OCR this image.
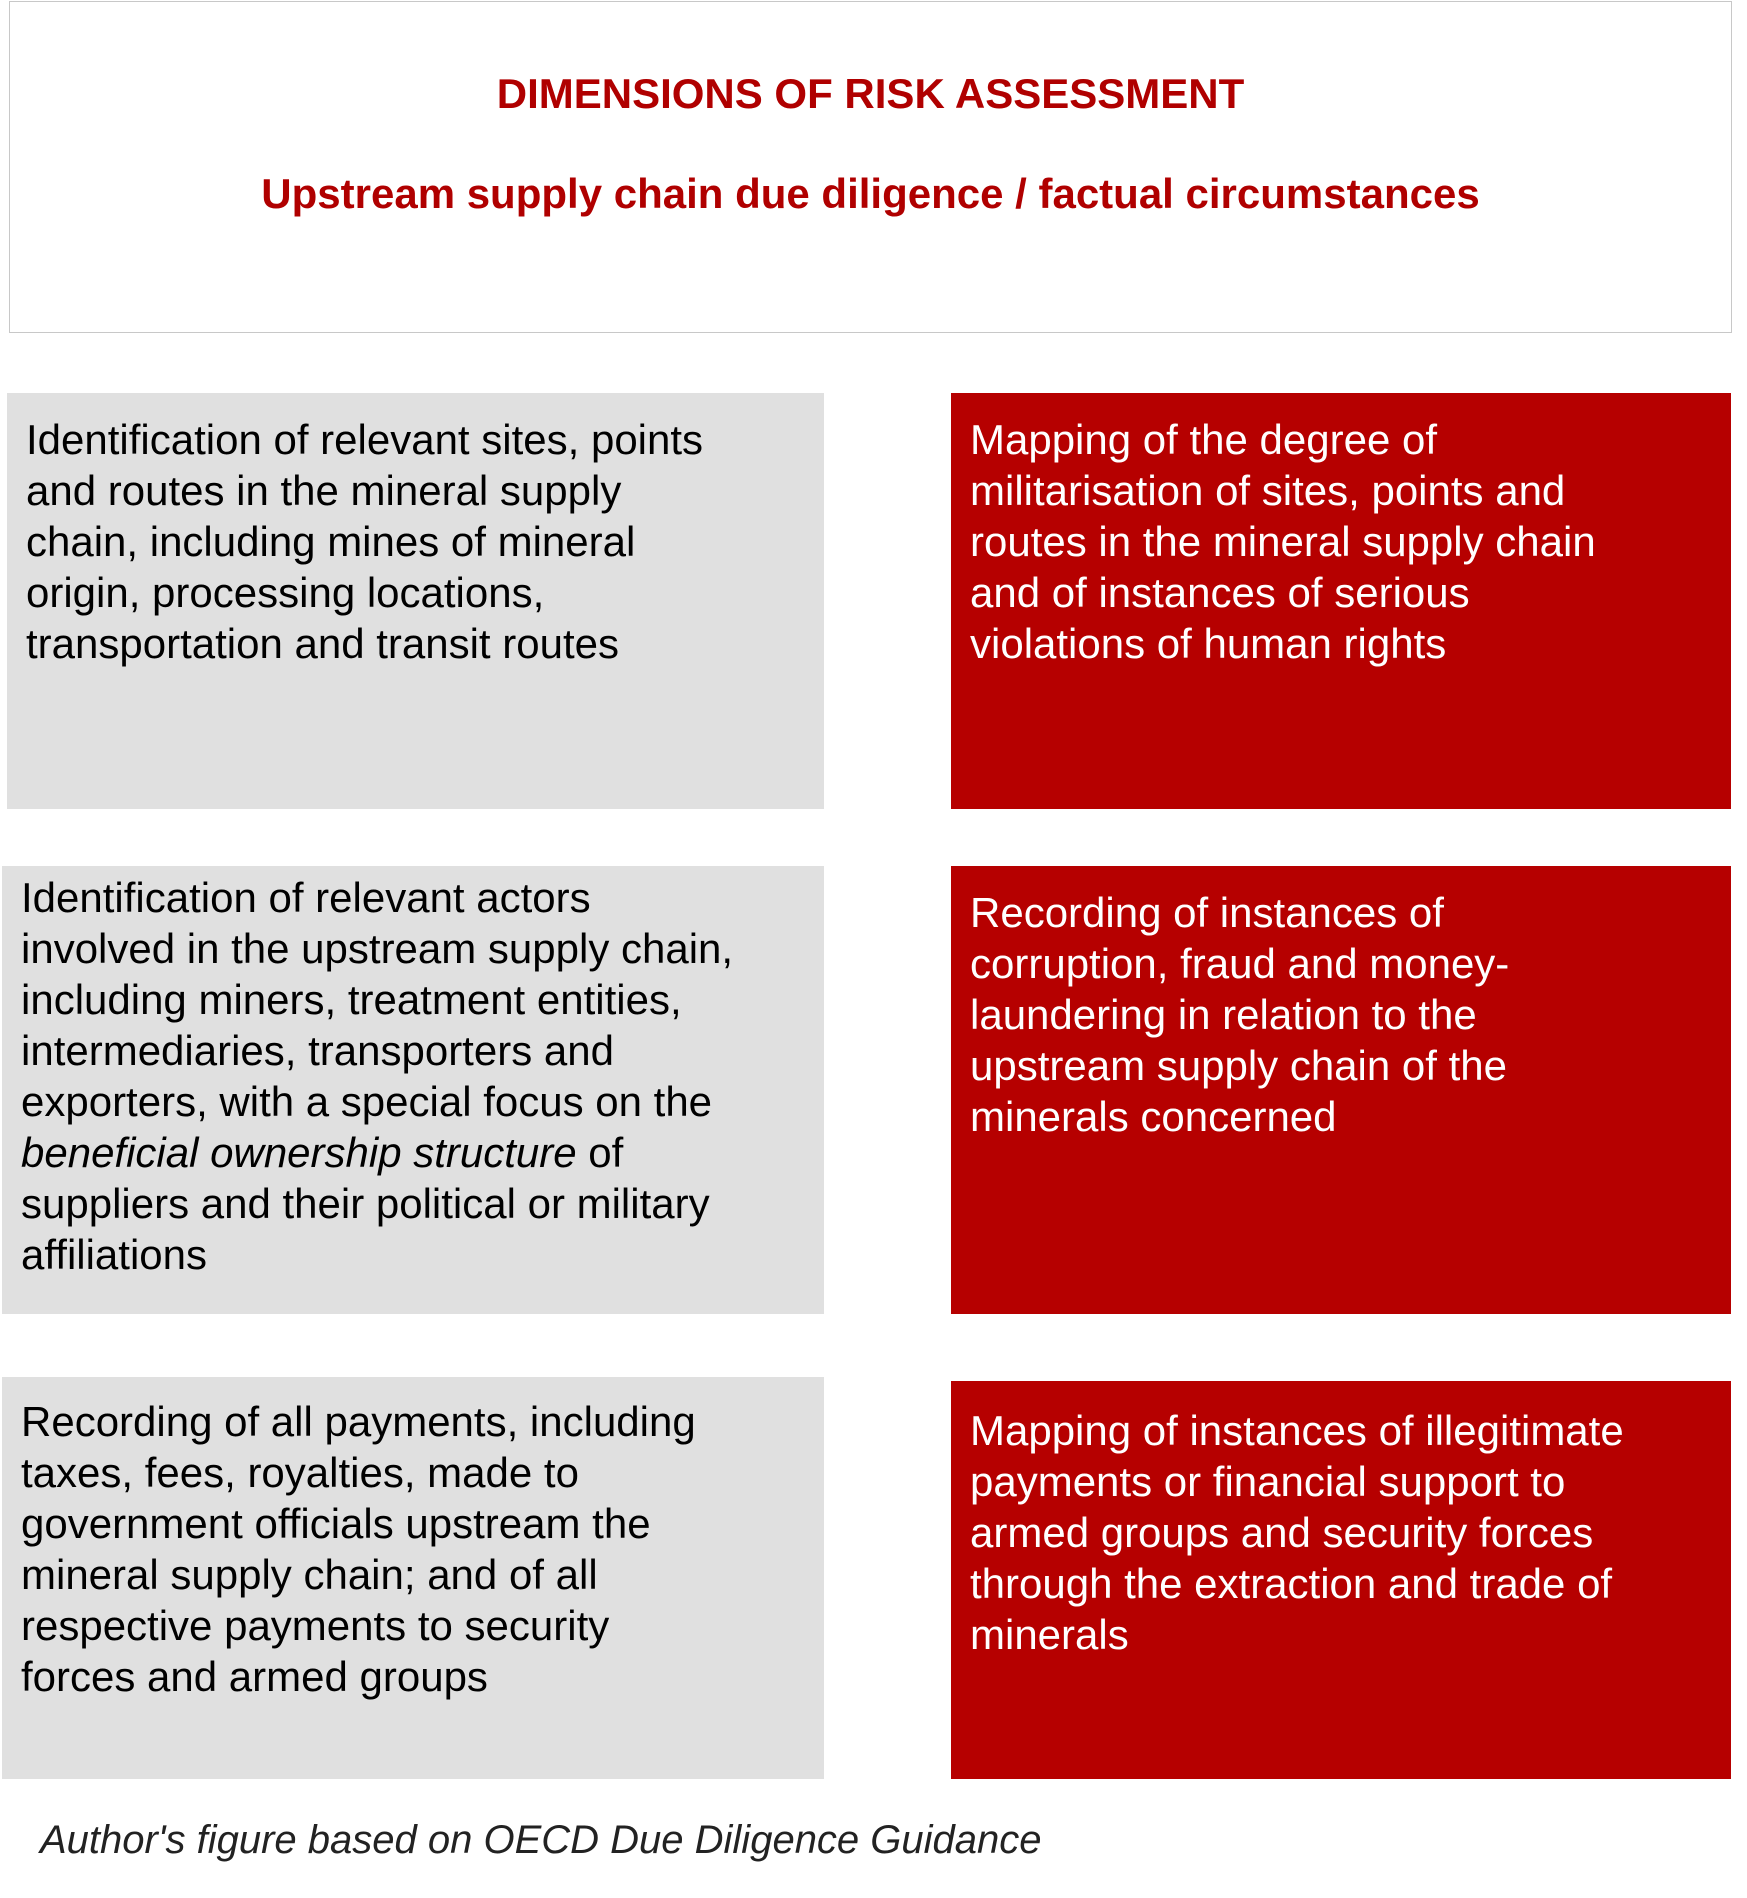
DIMENSIONS OF RISK ASSESSMENT
Upstream supply chain due diligence / factual circumstances
Identification of relevant sites, points
and routes in the mineral supply
chain, including mines of mineral
origin, processing locations,
transportation and transit routes
Mapping of the degree of
militarisation of sites, points and
routes in the mineral supply chain
and of instances of serious
violations of human rights
Identification of relevant actors
involved in the upstream supply chain,
including miners, treatment entities,
intermediaries, transporters and
exporters, with a special focus on the
beneficial ownership structure of
suppliers and their political or military
affiliations
Recording of instances of
corruption, fraud and money-
laundering in relation to the
upstream supply chain of the
minerals concerned
Recording of all payments, including
taxes, fees, royalties, made to
government officials upstream the
mineral supply chain; and of all
respective payments to security
forces and armed groups
Mapping of instances of illegitimate
payments or financial support to
armed groups and security forces
through the extraction and trade of
minerals
Author's figure based on OECD Due Diligence Guidance
